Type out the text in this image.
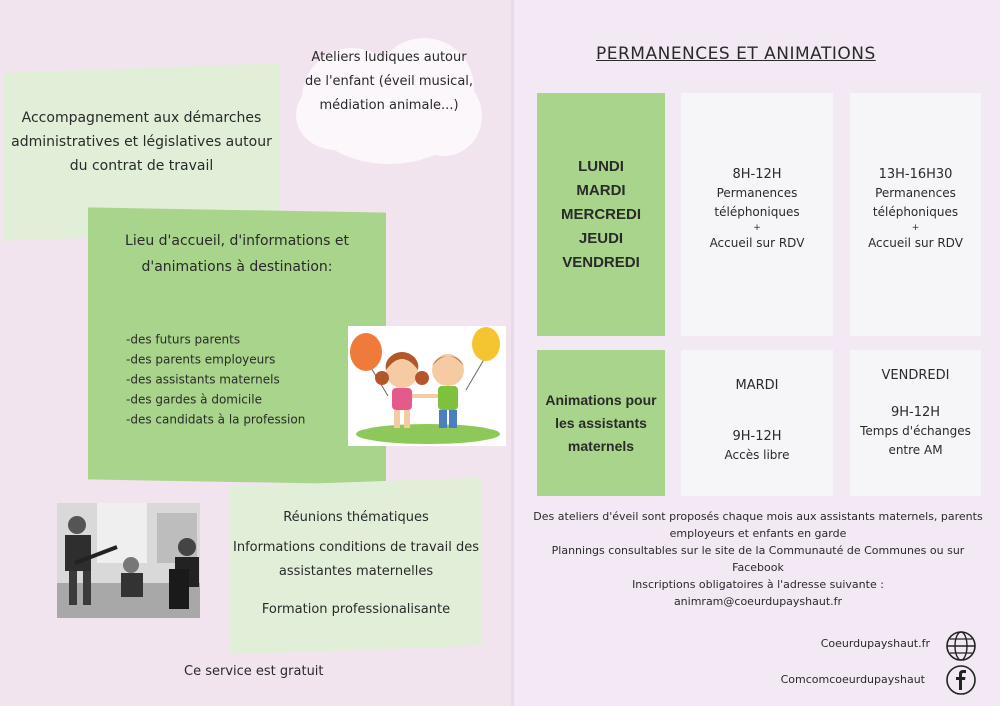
Accompagnement aux démarches administratives et législatives autour du contrat de travail
Ateliers ludiques autour de l'enfant (éveil musical, médiation animale...)
Lieu d'accueil, d'informations et d'animations à destination:
-des futurs parents
-des parents employeurs
-des assistants maternels
-des gardes à domicile
-des candidats à la profession
Réunions thématiques
Informations conditions de travail des assistantes maternelles
Formation professionalisante
Ce service est gratuit
PERMANENCES ET ANIMATIONS
LUNDI
MARDI
MERCREDI
JEUDI
VENDREDI
8H-12H
Permanences
téléphoniques
+
Accueil sur RDV
13H-16H30
Permanences
téléphoniques
+
Accueil sur RDV
Animations pour les assistants maternels
MARDI
9H-12H
Accès libre
VENDREDI
9H-12H
Temps d'échanges entre AM
Des ateliers d'éveil sont proposés chaque mois aux assistants maternels, parents employeurs et enfants en garde
Plannings consultables sur le site de la Communauté de Communes ou sur Facebook
Inscriptions obligatoires à l'adresse suivante :
animram@coeurdupayshaut.fr
Coeurdupayshaut.fr
Comcomcoeurdupayshaut
